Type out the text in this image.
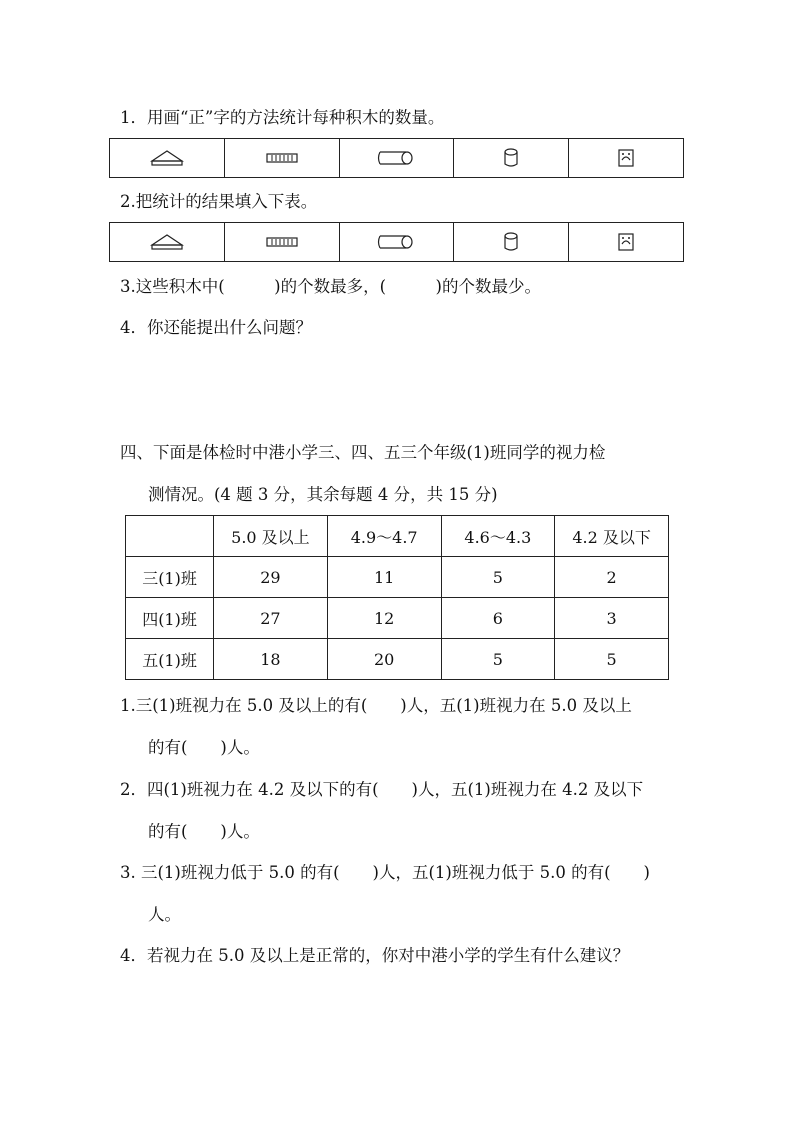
1．用画“正”字的方法统计每种积木的数量。
2.把统计的结果填入下表。
3.这些积木中(　　　)的个数最多，(　　　)的个数最少。
4．你还能提出什么问题？
四、下面是体检时中港小学三、四、五三个年级(1)班同学的视力检
测情况。(4 题 3 分，其余每题 4 分，共 15 分)
	5.0 及以上	4.9～4.7	4.6～4.3	4.2 及以下
三(1)班	29	11	5	2
四(1)班	27	12	6	3
五(1)班	18	20	5	5
1.三(1)班视力在 5.0 及以上的有(　　)人，五(1)班视力在 5.0 及以上
的有(　　)人。
2．四(1)班视力在 4.2 及以下的有(　　)人，五(1)班视力在 4.2 及以下
的有(　　)人。
3. 三(1)班视力低于 5.0 的有(　　)人，五(1)班视力低于 5.0 的有(　　)
人。
4．若视力在 5.0 及以上是正常的，你对中港小学的学生有什么建议？
